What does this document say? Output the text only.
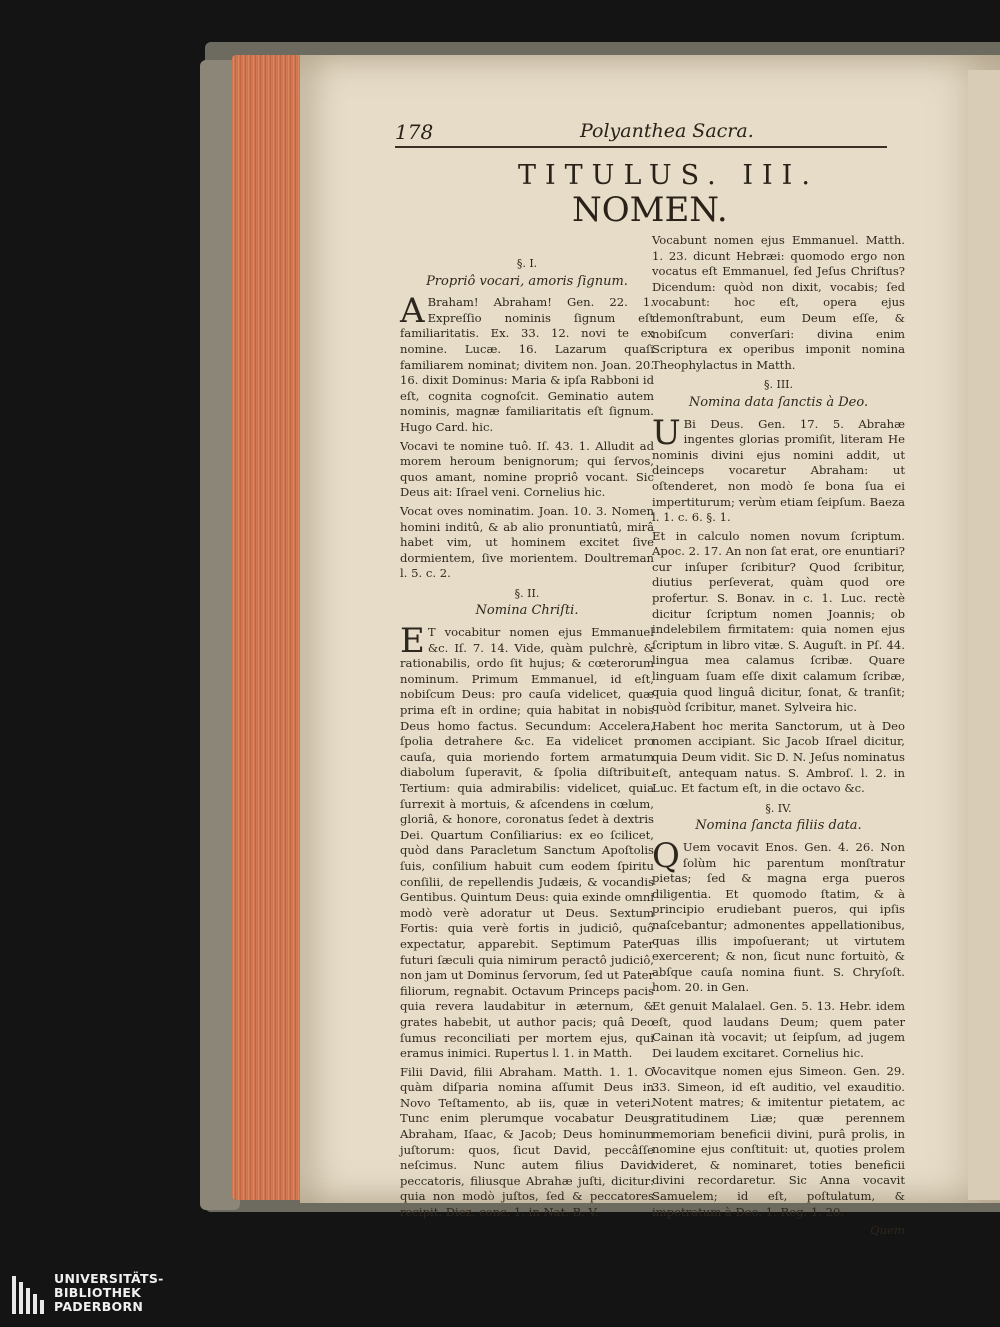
178	Polyanthea Sacra.
TITULUS. III.
NOMEN.
§. I.
Propriô vocari, amoris ſignum.
A Braham! Abraham! Gen. 22. 1. Expreſſio nominis ſignum eſt familiaritatis. Ex. 33. 12. novi te ex nomine. Lucæ. 16. Lazarum quaſi familiarem nominat; divitem non. Joan. 20. 16. dixit Dominus: Maria & ipſa Rabboni id eſt, cognita cognoſcit. Geminatio autem nominis, magnæ familiaritatis eſt ſignum. Hugo Card. hic.
Vocavi te nomine tuô. Iſ. 43. 1. Alludit ad morem heroum benignorum; qui ſervos, quos amant, nomine propriô vocant. Sic Deus ait: Iſrael veni. Cornelius hic.
Vocat oves nominatim. Joan. 10. 3. Nomen homini inditû, & ab alio pronuntiatû, mirâ habet vim, ut hominem excitet ſive dormientem, ſive morientem. Doultreman l. 5. c. 2.
§. II.
Nomina Chriſti.
E T vocabitur nomen ejus Emmanuel &c. Iſ. 7. 14. Vide, quàm pulchrè, & rationabilis, ordo ſit hujus; & cœterorum nominum. Primum Emmanuel, id eſt, nobiſcum Deus: pro cauſa videlicet, quæ prima eſt in ordine; quia habitat in nobis Deus homo factus. Secundum: Accelera, ſpolia detrahere &c. Ea videlicet pro cauſa, quia moriendo fortem armatum diabolum ſuperavit, & ſpolia diſtribuit. Tertium: quia admirabilis: videlicet, quia ſurrexit à mortuis, & aſcendens in cœlum, gloriâ, & honore, coronatus ſedet à dextris Dei. Quartum Conſiliarius: ex eo ſcilicet, quòd dans Paracletum Sanctum Apoſtolis ſuis, conſilium habuit cum eodem ſpiritu conſilii, de repellendis Judæis, & vocandis Gentibus. Quintum Deus: quia exinde omni modò verè adoratur ut Deus. Sextum Fortis: quia verè fortis in judiciô, quô expectatur, apparebit. Septimum Pater futuri ſæculi quia nimirum peractô judiciô, non jam ut Dominus ſervorum, ſed ut Pater filiorum, regnabit. Octavum Princeps pacis quia revera laudabitur in æternum, & grates habebit, ut author pacis; quâ Deo ſumus reconciliati per mortem ejus, qui eramus inimici. Rupertus l. 1. in Matth.
Filii David, filii Abraham. Matth. 1. 1. O quàm diſparia nomina aſſumit Deus in Novo Teſtamento, ab iis, quæ in veteri. Tunc enim plerumque vocabatur Deus Abraham, Iſaac, & Jacob; Deus hominum juſtorum: quos, ſicut David, peccâſſe neſcimus. Nunc autem filius David peccatoris, filiusque Abrahæ juſti, dicitur: quia non modò juſtos, ſed & peccatores recipit. Diez. conc. 1. in Nat. B. V.
Vocabunt nomen ejus Emmanuel. Matth. 1. 23. dicunt Hebræi: quomodo ergo non vocatus eſt Emmanuel, ſed Jeſus Chriſtus? Dicendum: quòd non dixit, vocabis; ſed vocabunt: hoc eſt, opera ejus demonſtrabunt, eum Deum eſſe, & nobiſcum converſari: divina enim Scriptura ex operibus imponit nomina Theophylactus in Matth.
§. III.
Nomina data ſanctis à Deo.
U Bi Deus. Gen. 17. 5. Abrahæ ingentes glorias promiſit, literam He nominis divini ejus nomini addit, ut deinceps vocaretur Abraham: ut oſtenderet, non modò ſe bona ſua ei impertiturum; verùm etiam ſeipſum. Baeza l. 1. c. 6. §. 1.
Et in calculo nomen novum ſcriptum. Apoc. 2. 17. An non ſat erat, ore enuntiari? cur inſuper ſcribitur? Quod ſcribitur, diutius perſeverat, quàm quod ore profertur. S. Bonav. in c. 1. Luc. rectè dicitur ſcriptum nomen Joannis; ob indelebilem firmitatem: quia nomen ejus ſcriptum in libro vitæ. S. Auguſt. in Pſ. 44. lingua mea calamus ſcribæ. Quare linguam ſuam eſſe dixit calamum ſcribæ, quia quod linguâ dicitur, ſonat, & tranſit; quòd ſcribitur, manet. Sylveira hic.
Habent hoc merita Sanctorum, ut à Deo nomen accipiant. Sic Jacob Iſrael dicitur, quia Deum vidit. Sic D. N. Jeſus nominatus eſt, antequam natus. S. Ambroſ. l. 2. in Luc. Et factum eſt, in die octavo &c.
§. IV.
Nomina ſancta filiis data.
Q Uem vocavit Enos. Gen. 4. 26. Non ſolùm hic parentum monſtratur pietas; ſed & magna erga pueros diligentia. Et quomodo ſtatim, & à principio erudiebant pueros, qui ipſis naſcebantur; admonentes appellationibus, quas illis impoſuerant; ut virtutem exercerent; & non, ſicut nunc fortuitò, & abſque cauſa nomina fiunt. S. Chryſoſt. hom. 20. in Gen.
Et genuit Malalael. Gen. 5. 13. Hebr. idem eſt, quod laudans Deum; quem pater Cainan ità vocavit; ut ſeipſum, ad jugem Dei laudem excitaret. Cornelius hic.
Vocavitque nomen ejus Simeon. Gen. 29. 33. Simeon, id eſt auditio, vel exauditio. Notent matres; & imitentur pietatem, ac gratitudinem Liæ; quæ perennem memoriam beneficii divini, purâ prolis, in nomine ejus conſtituit: ut, quoties prolem videret, & nominaret, toties beneficii divini recordaretur. Sic Anna vocavit Samuelem; id eſt, poſtulatum, & impetratum à Deo. 1. Reg. 1. 20.
Quem
UNIVERSITÄTS-
BIBLIOTHEK
PADERBORN
